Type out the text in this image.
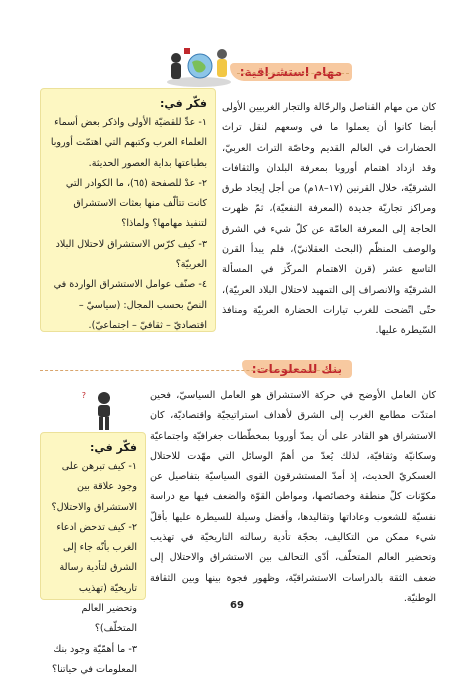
مهام استشراقية:

كان من مهام القناصل والرحّالة والتجار الغربيين الأولى أيضا كانوا أن يعملوا ما في وسعهم لنقل تراث الحضارات في العالم القديم وخاصّة التراث العربيّ، وقد ازداد اهتمام أوروبا بمعرفة البلدان والثقافات الشرقيّة، خلال القرنين (١٧–١٨م) من أجل إيجاد طرق ومراكز تجاريّة جديدة (المعرفة النفعيّة)، ثمّ ظهرت الحاجة إلى المعرفة العامّة عن كلّ شيء في الشرق والوصف المنظّم (البحث العقلانيّ)، فلم يبدأ القرن التاسع عشر (قرن الاهتمام المركّز في المسألة الشرقيّة والانصراف إلى التمهيد لاحتلال البلاد العربيّة)، حتّى اتّضحت للغرب تيارات الحضارة العربيّة ومنافذ السّيطرة عليها.

فكّر في:

١- عدِّ للقضيّة الأولى واذكر بعض أسماء العلماء العرب وكتبهم التي اهتمّت أوروبا بطباعتها بداية العصور الحديثة.

٢- عدْ للصفحة (٦٥)، ما الكوادر التي كانت تتألّف منها بعثات الاستشراق لتنفيذ مهامها؟ ولماذا؟

٣- كيف كرّس الاستشراق لاحتلال البلاد العربيّة؟

٤- صنّف عوامل الاستشراق الواردة في النصّ بحسب المجال: (سياسيّ – اقتصاديّ – ثقافيّ – اجتماعيّ).

بنك للمعلومات:

كان العامل الأوضح في حركة الاستشراق هو العامل السياسيّ، فحين امتدّت مطامع الغرب إلى الشرق لأهداف استراتيجيّة واقتصاديّة، كان الاستشراق هو القادر على أن يمدّ أوروبا بمخطّطات جغرافيّة واجتماعيّة وسكانيّة وثقافيّة، لذلك يُعدّ من أهمّ الوسائل التي مهّدت للاحتلال العسكريّ الحديث، إذ أمدّ المستشرقون القوى السياسيّة بتفاصيل عن مكوّنات كلّ منطقة وخصائصها، ومواطن القوّة والضعف فيها مع دراسة نفسيّة للشعوب وعاداتها وتقاليدها، وأفضل وسيلة للسيطرة عليها بأقلّ شيء ممكن من التكاليف، بحجّة تأدية رسالته التاريخيّة في تهذيب وتحضير العالم المتخلّف، أدّى التحالف بين الاستشراق والاحتلال إلى ضعف الثقة بالدراسات الاستشراقيّة، وظهور فجوة بينها وبين الثقافة الوطنيّة.

?
فكّر في:

١- كيف تبرهن على وجود علاقة بين الاستشراق والاحتلال؟

٢- كيف تدحض ادعاء الغرب بأنّه جاء إلى الشرق لتأدية رسالة تاريخيّة (تهذيب وتحضير العالم المتخلّف)؟

٣- ما أهمّيّة وجود بنك المعلومات في حياتنا؟

69
